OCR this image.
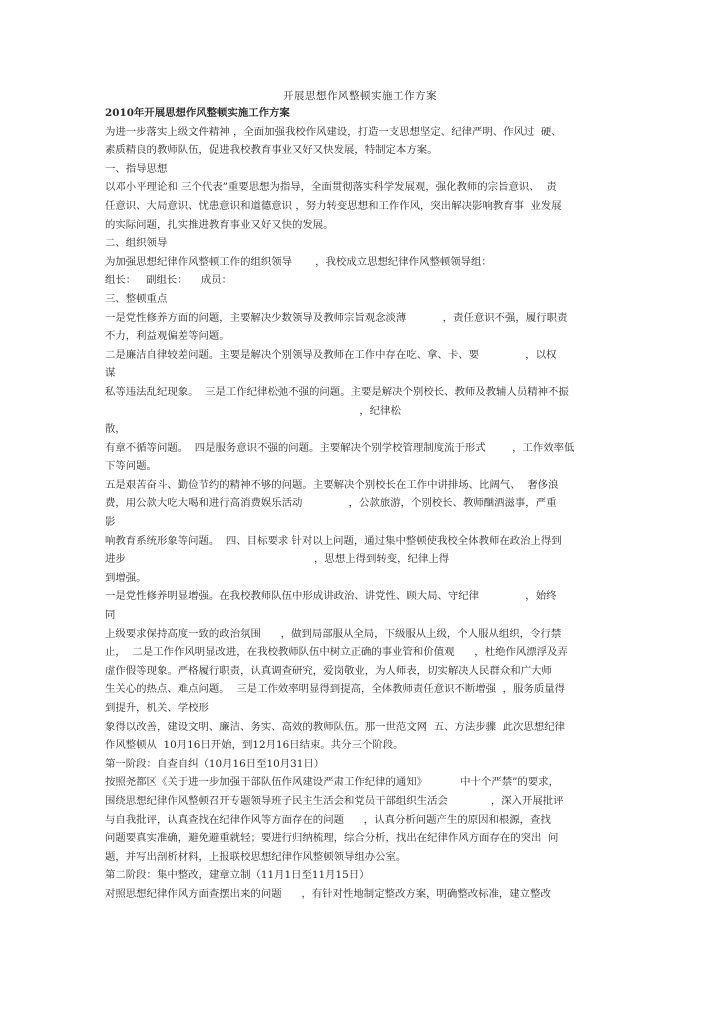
开展思想作风整顿实施工作方案

2010年开展思想作风整顿实施工作方案

为进一步落实上级文件精神 ，全面加强我校作风建设，打造一支思想坚定、纪律严明、作风过  硬、

素质精良的教师队伍，促进我校教育事业又好又快发展，特制定本方案。

一、指导思想

以邓小平理论和 三个代表”重要思想为指导，全面贯彻落实科学发展观，强化教师的宗旨意识、  责

任意识、大局意识、忧患意识和道德意识 ，努力转变思想和工作作风，突出解决影响教育事  业发展

的实际问题，扎实推进教育事业又好又快的发展。

二、组织领导

为加强思想纪律作风整顿工作的组织领导       ，我校成立思想纪律作风整顿领导组：

组长：   副组长：    成员：

三、整顿重点

一是党性修养方面的问题，主要解决少数领导及教师宗旨观念淡薄           ，责任意识不强，履行职责

不力，利益观偏差等问题。

二是廉洁自律较差问题。主要是解决个别领导及教师在工作中存在吃、拿、卡、要              ，以权

谋

私等违法乱纪现象。  三是工作纪律松弛不强的问题。主要是解决个别校长、教师及教辅人员精神不振

，纪律松

散，

有章不循等问题。  四是服务意识不强的问题。主要解决个别学校管理制度流于形式        ，工作效率低

下等问题。

五是艰苦奋斗、勤俭节约的精神不够的问题。主要解决个别校长在工作中讲排场、比阔气、  奢侈浪

费，用公款大吃大喝和进行高消费娱乐活动              ，公款旅游，个别校长、教师酗酒滋事，严重

影

响教育系统形象等问题。  四、目标要求 针对以上问题，通过集中整顿使我校全体教师在政治上得到

进步                                                         ，思想上得到转变，纪律上得

到增强。

一是党性修养明显增强。在我校教师队伍中形成讲政治、讲党性、顾大局、守纪律              ，始终

同

上级要求保持高度一致的政治氛围      ，做到局部服从全局，下级服从上级，个人服从组织，令行禁

止，  二是工作作风明显改进，在我校教师队伍中树立正确的事业管和价值观      ，杜绝作风漂浮及弄

虚作假等现象。严格履行职责，认真调查研究，爱岗敬业，为人师表，切实解决人民群众和广大师

生关心的热点、难点问题。  三是工作效率明显得到提高，全体教师责任意识不断增强  ，服务质量得

到提升，机关、学校形

象得以改善，建设文明、廉洁、务实、高效的教师队伍。那一世范文网  五、方法步骤  此次思想纪律

作风整顿从  10月16日开始，到12月16日结束。共分三个阶段。

第一阶段：自查自纠（10月16日至10月31日）

按照尧都区《关于进一步加强干部队伍作风建设严肃工作纪律的通知》          中十个严禁”的要求，

围绕思想纪律作风整顿召开专题领导班子民主生活会和党员干部组织生活会             ，深入开展批评

与自我批评，认真查找在纪律作风等方面存在的问题      ，认真分析问题产生的原因和根源，查找

问题要真实准确，避免避重就轻；要进行归纳梳理，综合分析，找出在纪律作风方面存在的突出  问

题，并写出剖析材料，上报联校思想纪律作风整顿领导组办公室。

第二阶段：集中整改，建章立制（11月1日至11月15日）

对照思想纪律作风方面查摆出来的问题      ，有针对性地制定整改方案，明确整改标准，建立整改
